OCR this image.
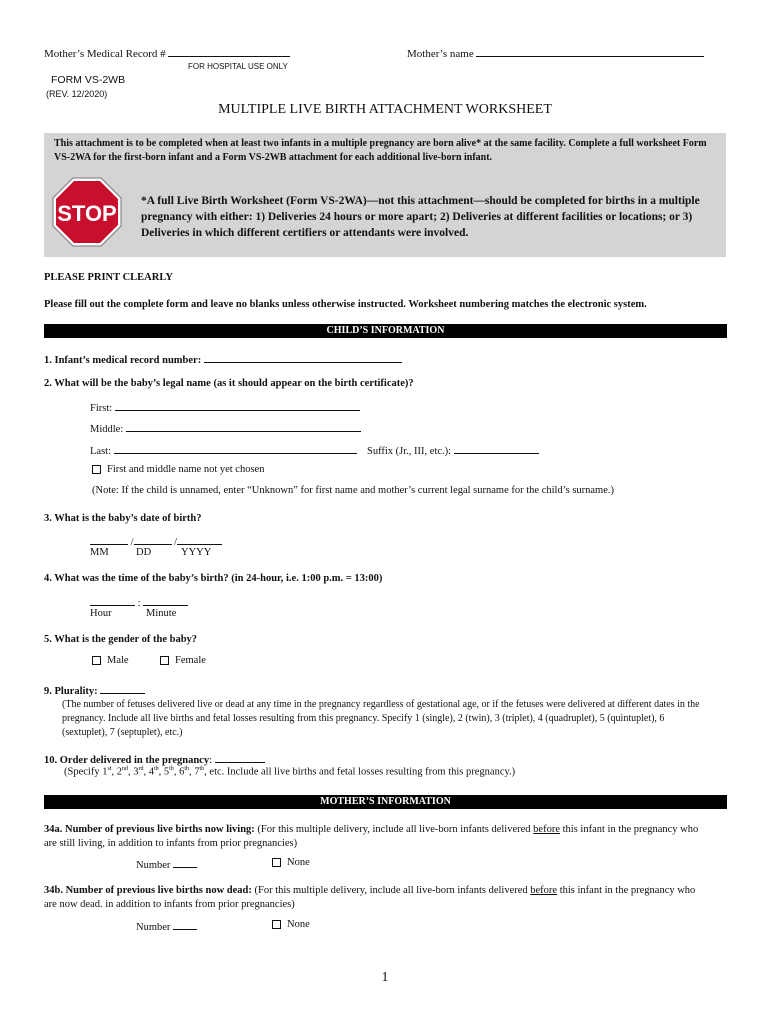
Mother’s Medical Record #
FOR HOSPITAL USE ONLY
Mother’s name
FORM VS-2WB
(REV. 12/2020)
MULTIPLE LIVE BIRTH ATTACHMENT WORKSHEET
This attachment is to be completed when at least two infants in a multiple pregnancy are born alive* at the same facility. Complete a full worksheet Form VS-2WA for the first-born infant and a Form VS-2WB attachment for each additional live-born infant.
STOP *A full Live Birth Worksheet (Form VS-2WA)—not this attachment—should be completed for births in a multiple pregnancy with either: 1) Deliveries 24 hours or more apart; 2) Deliveries at different facilities or locations; or 3) Deliveries in which different certifiers or attendants were involved.
PLEASE PRINT CLEARLY
Please fill out the complete form and leave no blanks unless otherwise instructed. Worksheet numbering matches the electronic system.
CHILD’S INFORMATION
1. Infant’s medical record number:
2. What will be the baby’s legal name (as it should appear on the birth certificate)?
First:
Middle:
Last:	Suffix (Jr., III, etc.):
First and middle name not yet chosen
(Note: If the child is unnamed, enter “Unknown” for first name and mother’s current legal surname for the child’s surname.)
3. What is the baby’s date of birth?
/	/
MM	DD	YYYY
4. What was the time of the baby’s birth? (in 24-hour, i.e. 1:00 p.m. = 13:00)
:
Hour	Minute
5. What is the gender of the baby?
Male	Female
9. Plurality:
(The number of fetuses delivered live or dead at any time in the pregnancy regardless of gestational age, or if the fetuses were delivered at different dates in the pregnancy. Include all live births and fetal losses resulting from this pregnancy. Specify 1 (single), 2 (twin), 3 (triplet), 4 (quadruplet), 5 (quintuplet), 6 (sextuplet), 7 (septuplet), etc.)
10. Order delivered in the pregnancy:
(Specify 1st, 2nd, 3rd, 4th, 5th, 6th, 7th, etc. Include all live births and fetal losses resulting from this pregnancy.)
MOTHER’S INFORMATION
34a. Number of previous live births now living: (For this multiple delivery, include all live-born infants delivered before this infant in the pregnancy who are still living, in addition to infants from prior pregnancies)
Number	None
34b. Number of previous live births now dead: (For this multiple delivery, include all live-born infants delivered before this infant in the pregnancy who are now dead. in addition to infants from prior pregnancies)
Number	None
1
